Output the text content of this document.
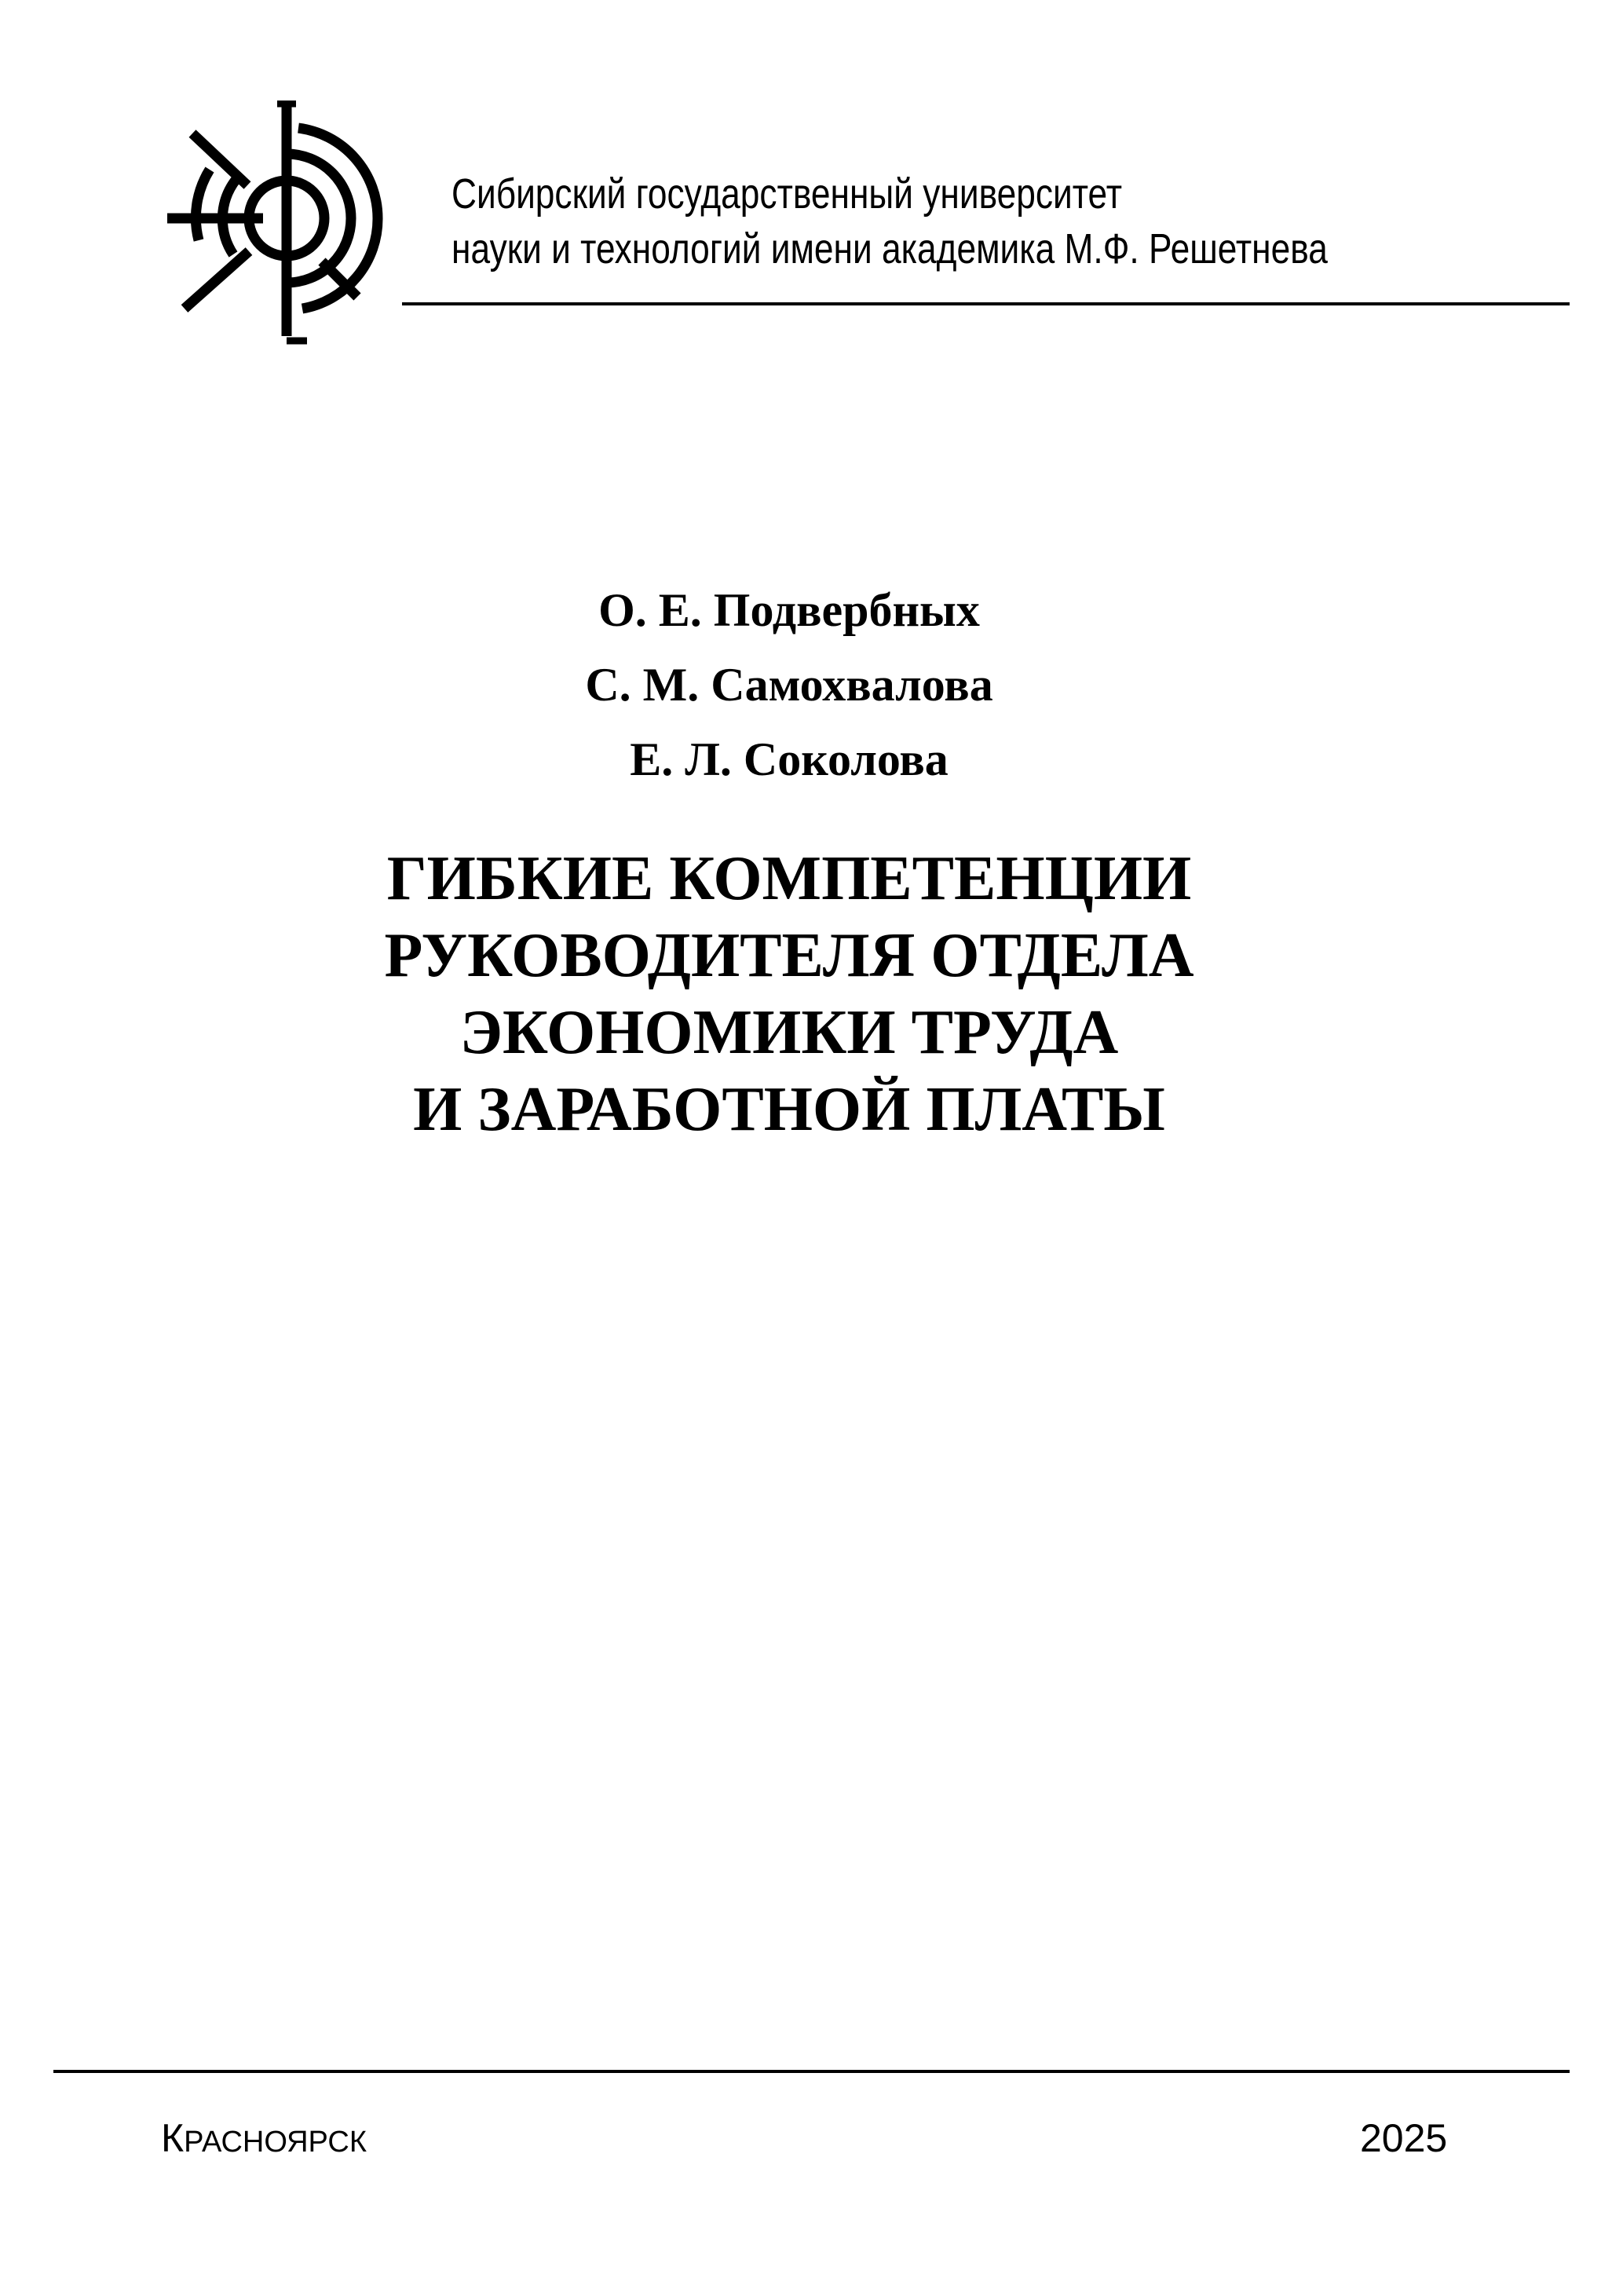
Сибирский государственный университет
науки и технологий имени академика М.Ф. Решетнева
О. Е. Подвербных
С. М. Самохвалова
Е. Л. Соколова
ГИБКИЕ КОМПЕТЕНЦИИ
РУКОВОДИТЕЛЯ ОТДЕЛА
ЭКОНОМИКИ ТРУДА
И ЗАРАБОТНОЙ ПЛАТЫ
КРАСНОЯРСК	2025
